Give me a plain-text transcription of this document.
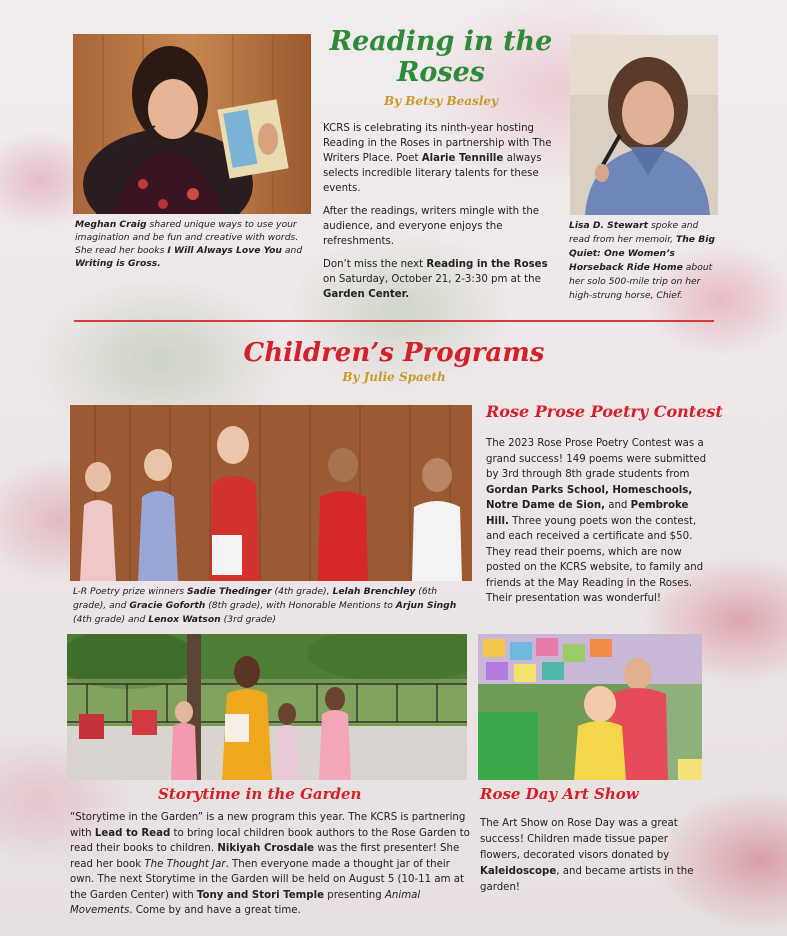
Meghan Craig shared unique ways to use your imagination and be fun and creative with words. She read her books I Will Always Love You and Writing is Gross.
Reading in the
Roses
By Betsy Beasley

KCRS is celebrating its ninth-year hosting Reading in the Roses in partnership with The Writers Place. Poet Alarie Tennille always selects incredible literary talents for these events.

After the readings, writers mingle with the audience, and everyone enjoys the refreshments.

Don’t miss the next Reading in the Roses on Saturday, October 21, 2-3:30 pm at the Garden Center.

Lisa D. Stewart spoke and read from her memoir, The Big Quiet: One Women’s Horseback Ride Home about her solo 500-mile trip on her high-strung horse, Chief.
Children’s Programs
By Julie Spaeth
L-R Poetry prize winners Sadie Thedinger (4th grade), Lelah Brenchley (6th grade), and Gracie Goforth (8th grade), with Honorable Mentions to Arjun Singh (4th grade) and Lenox Watson (3rd grade)
Rose Prose Poetry Contest
The 2023 Rose Prose Poetry Contest was a grand success! 149 poems were submitted by 3rd through 8th grade students from Gordan Parks School, Homeschools, Notre Dame de Sion, and Pembroke Hill. Three young poets won the contest, and each received a certificate and $50. They read their poems, which are now posted on the KCRS website, to family and friends at the May Reading in the Roses. Their presentation was wonderful!
Storytime in the Garden
“Storytime in the Garden” is a new program this year. The KCRS is partnering with Lead to Read to bring local children book authors to the Rose Garden to read their books to children. Nikiyah Crosdale was the first presenter! She read her book The Thought Jar. Then everyone made a thought jar of their own. The next Storytime in the Garden will be held on August 5 (10-11 am at the Garden Center) with Tony and Stori Temple presenting Animal Movements. Come by and have a great time.
Rose Day Art Show
The Art Show on Rose Day was a great success! Children made tissue paper flowers, decorated visors donated by Kaleidoscope, and became artists in the garden!
